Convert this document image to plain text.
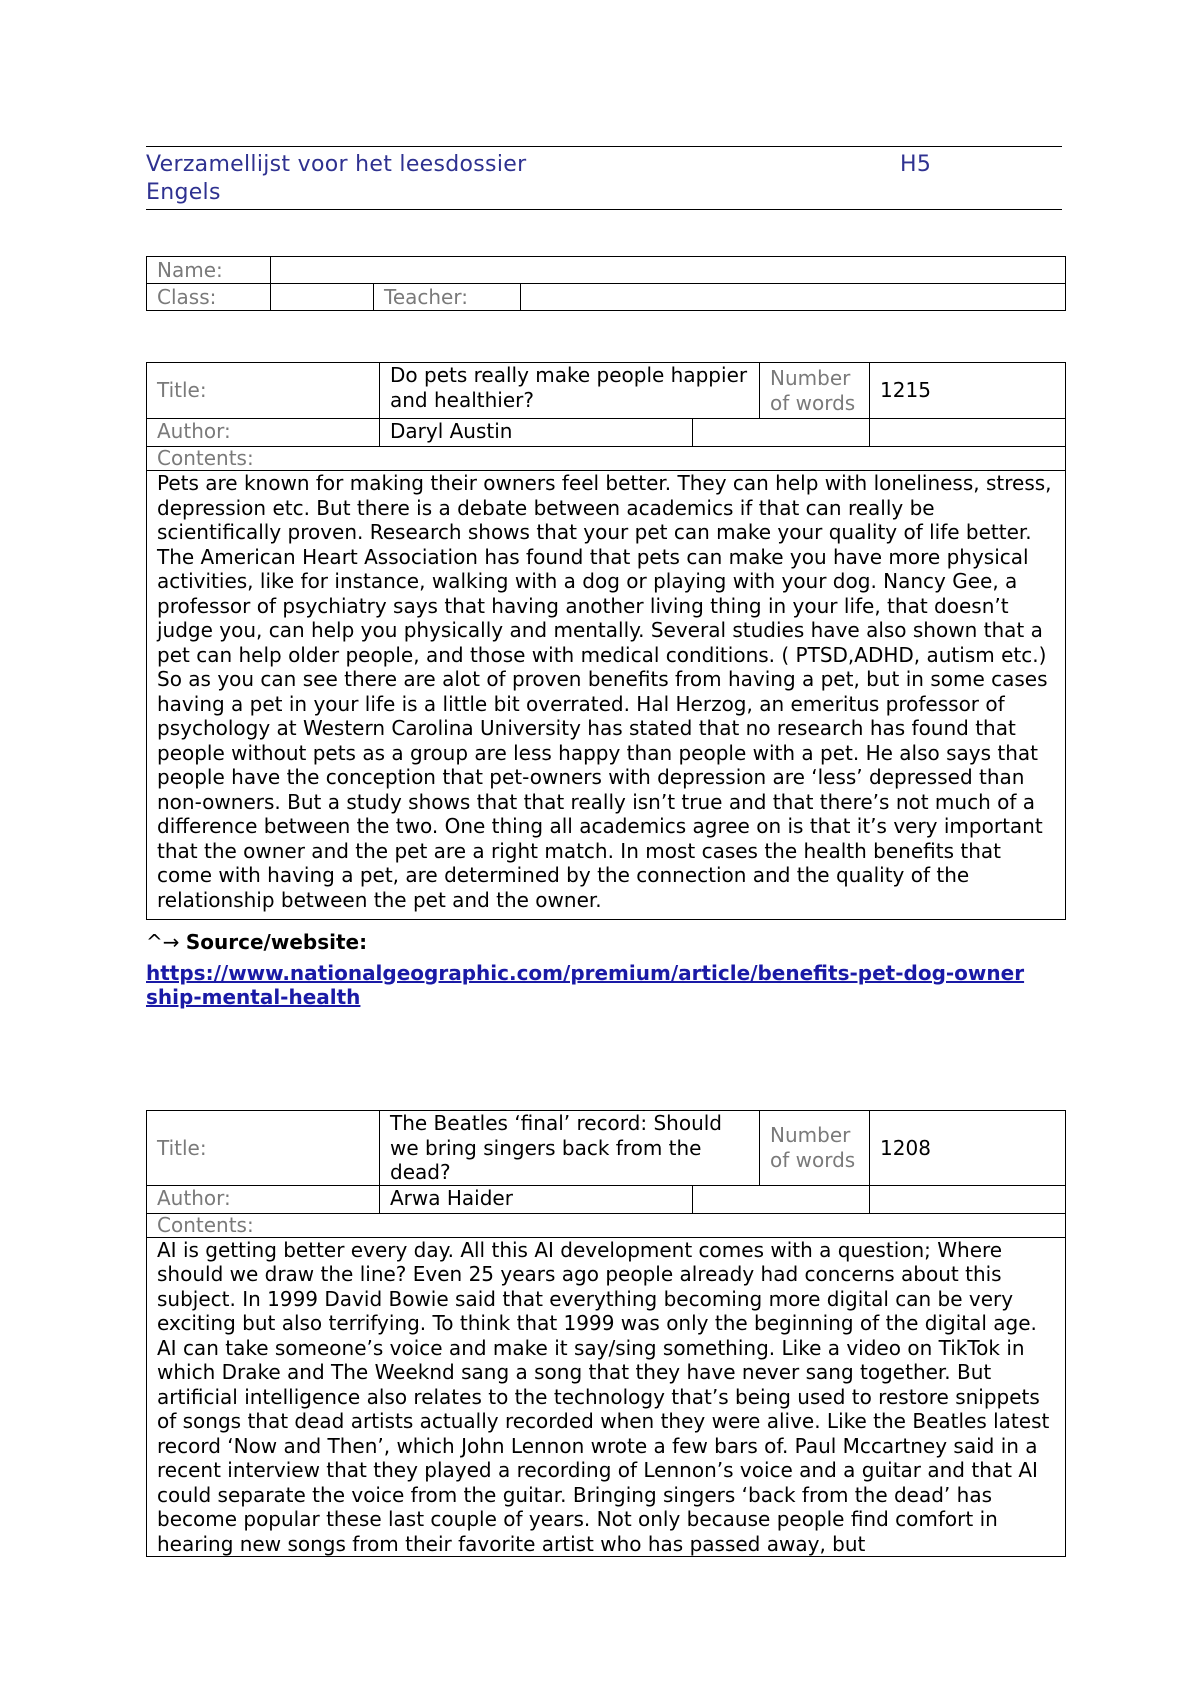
Verzamellijst voor het leesdossier	H5
Engels
Name:			
Class:		Teacher:	
Title:	Do pets really make people happier and healthier?		Number of words	1215
Author:	Daryl Austin			
Contents:				
Pets are known for making their owners feel better. They can help with loneliness, stress, depression etc. But there is a debate between academics if that can really be scientifically proven. Research shows that your pet can make your quality of life better. The American Heart Association has found that pets can make you have more physical activities, like for instance, walking with a dog or playing with your dog. Nancy Gee, a professor of psychiatry says that having another living thing in your life, that doesn’t judge you, can help you physically and mentally. Several studies have also shown that a pet can help older people, and those with medical conditions. ( PTSD,ADHD, autism etc.) So as you can see there are alot of proven benefits from having a pet, but in some cases having a pet in your life is a little bit overrated. Hal Herzog, an emeritus professor of psychology at Western Carolina University has stated that no research has found that people without pets as a group are less happy than people with a pet. He also says that people have the conception that pet-owners with depression are ‘less’ depressed than non-owners. But a study shows that that really isn’t true and that there’s not much of a difference between the two. One thing all academics agree on is that it’s very important that the owner and the pet are a right match. In most cases the health benefits that come with having a pet, are determined by the connection and the quality of the relationship between the pet and the owner.				
^→ Source/website:
https://www.nationalgeographic.com/premium/article/benefits-pet-dog-ownership-mental-health
Title:	The Beatles ‘final’ record: Should we bring singers back from the dead?		Number of words	1208
Author:	Arwa Haider			
Contents:				

AI is getting better every day. All this AI development comes with a question; Where should we draw the line? Even 25 years ago people already had concerns about this subject. In 1999 David Bowie said that everything becoming more digital can be very exciting but also terrifying. To think that 1999 was only the beginning of the digital age. AI can take someone’s voice and make it say/sing something. Like a video on TikTok in which Drake and The Weeknd sang a song that they have never sang together. But artificial intelligence also relates to the technology that’s being used to restore snippets of songs that dead artists actually recorded when they were alive. Like the Beatles latest record ‘Now and Then’, which John Lennon wrote a few bars of. Paul Mccartney said in a recent interview that they played a recording of Lennon’s voice and a guitar and that AI could separate the voice from the guitar. Bringing singers ‘back from the dead’ has become popular these last couple of years. Not only because people find comfort in hearing new songs from their favorite artist who has passed away, but				
